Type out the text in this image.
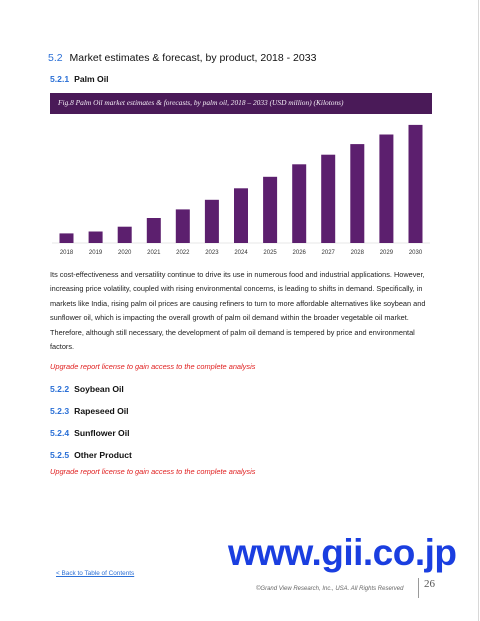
5.2 Market estimates & forecast, by product, 2018 - 2033
5.2.1 Palm Oil
Fig.8 Palm Oil market estimates & forecasts, by palm oil, 2018 – 2033 (USD million) (Kilotons)
2018	2019	2020	2021	2022	2023	2024	2025	2026	2027	2028	2029	2030
Its cost-effectiveness and versatility continue to drive its use in numerous food and industrial applications. However, increasing price volatility, coupled with rising environmental concerns, is leading to shifts in demand. Specifically, in markets like India, rising palm oil prices are causing refiners to turn to more affordable alternatives like soybean and sunflower oil, which is impacting the overall growth of palm oil demand within the broader vegetable oil market. Therefore, although still necessary, the development of palm oil demand is tempered by price and environmental factors.
Upgrade report license to gain access to the complete analysis
5.2.2 Soybean Oil
5.2.3 Rapeseed Oil
5.2.4 Sunflower Oil
5.2.5 Other Product
Upgrade report license to gain access to the complete analysis
www.gii.co.jp
< Back to Table of Contents
©Grand View Research, Inc., USA. All Rights Reserved 26
